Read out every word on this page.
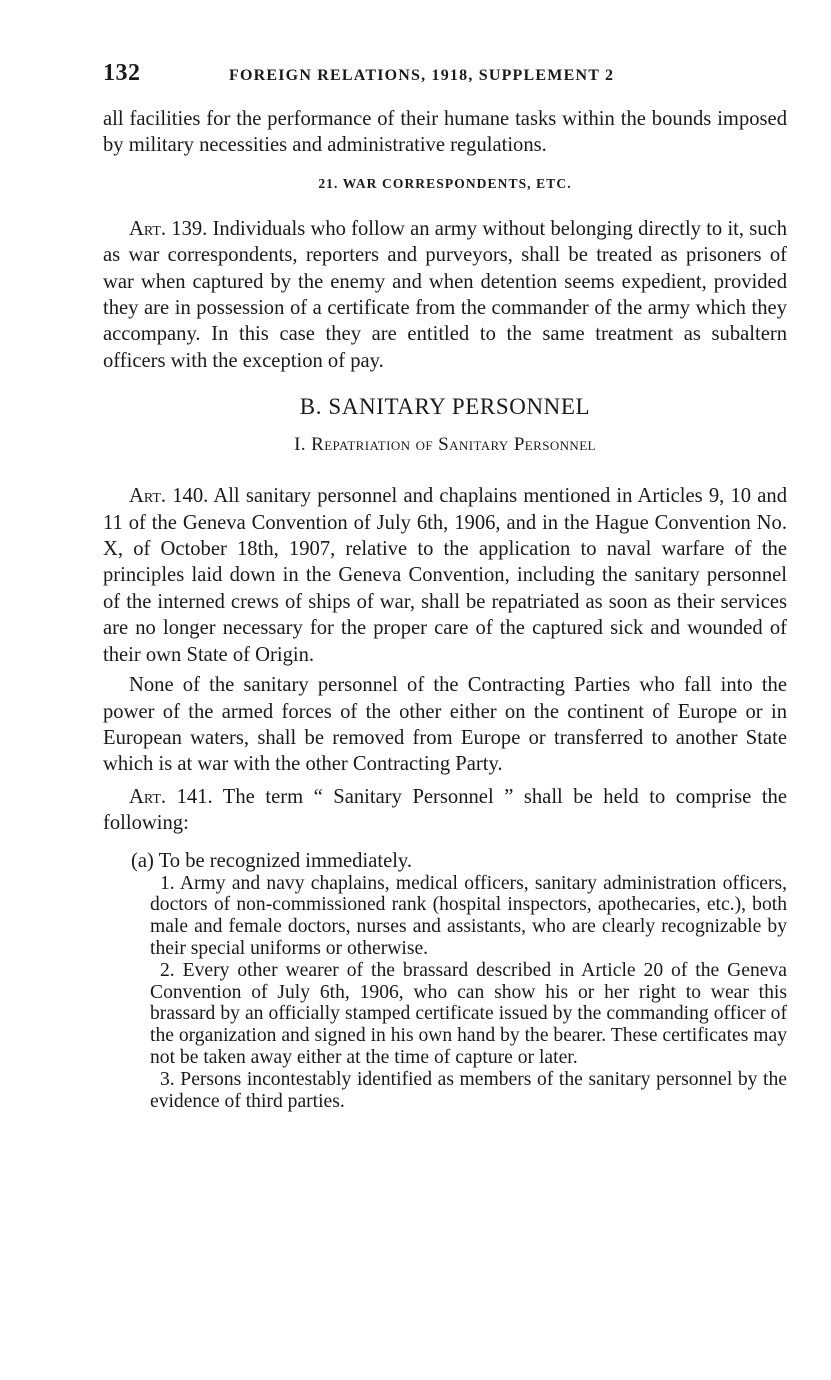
132	FOREIGN RELATIONS, 1918, SUPPLEMENT 2

all facilities for the performance of their humane tasks within the bounds imposed by military necessities and administrative regulations.

21. WAR CORRESPONDENTS, ETC.

Art. 139. Individuals who follow an army without belonging directly to it, such as war correspondents, reporters and purveyors, shall be treated as prisoners of war when captured by the enemy and when detention seems expedient, provided they are in possession of a certificate from the commander of the army which they accompany. In this case they are entitled to the same treatment as subaltern officers with the exception of pay.

B. SANITARY PERSONNEL
I. Repatriation of Sanitary Personnel

Art. 140. All sanitary personnel and chaplains mentioned in Articles 9, 10 and 11 of the Geneva Convention of July 6th, 1906, and in the Hague Convention No. X, of October 18th, 1907, relative to the application to naval warfare of the principles laid down in the Geneva Convention, including the sanitary personnel of the interned crews of ships of war, shall be repatriated as soon as their services are no longer necessary for the proper care of the captured sick and wounded of their own State of Origin.

None of the sanitary personnel of the Contracting Parties who fall into the power of the armed forces of the other either on the continent of Europe or in European waters, shall be removed from Europe or transferred to another State which is at war with the other Contracting Party.

Art. 141. The term “ Sanitary Personnel ” shall be held to comprise the following:

(a) To be recognized immediately.

1. Army and navy chaplains, medical officers, sanitary administration officers, doctors of non-commissioned rank (hospital inspectors, apothecaries, etc.), both male and female doctors, nurses and assistants, who are clearly recognizable by their special uniforms or otherwise.

2. Every other wearer of the brassard described in Article 20 of the Geneva Convention of July 6th, 1906, who can show his or her right to wear this brassard by an officially stamped certificate issued by the commanding officer of the organization and signed in his own hand by the bearer. These certificates may not be taken away either at the time of capture or later.

3. Persons incontestably identified as members of the sanitary personnel by the evidence of third parties.
